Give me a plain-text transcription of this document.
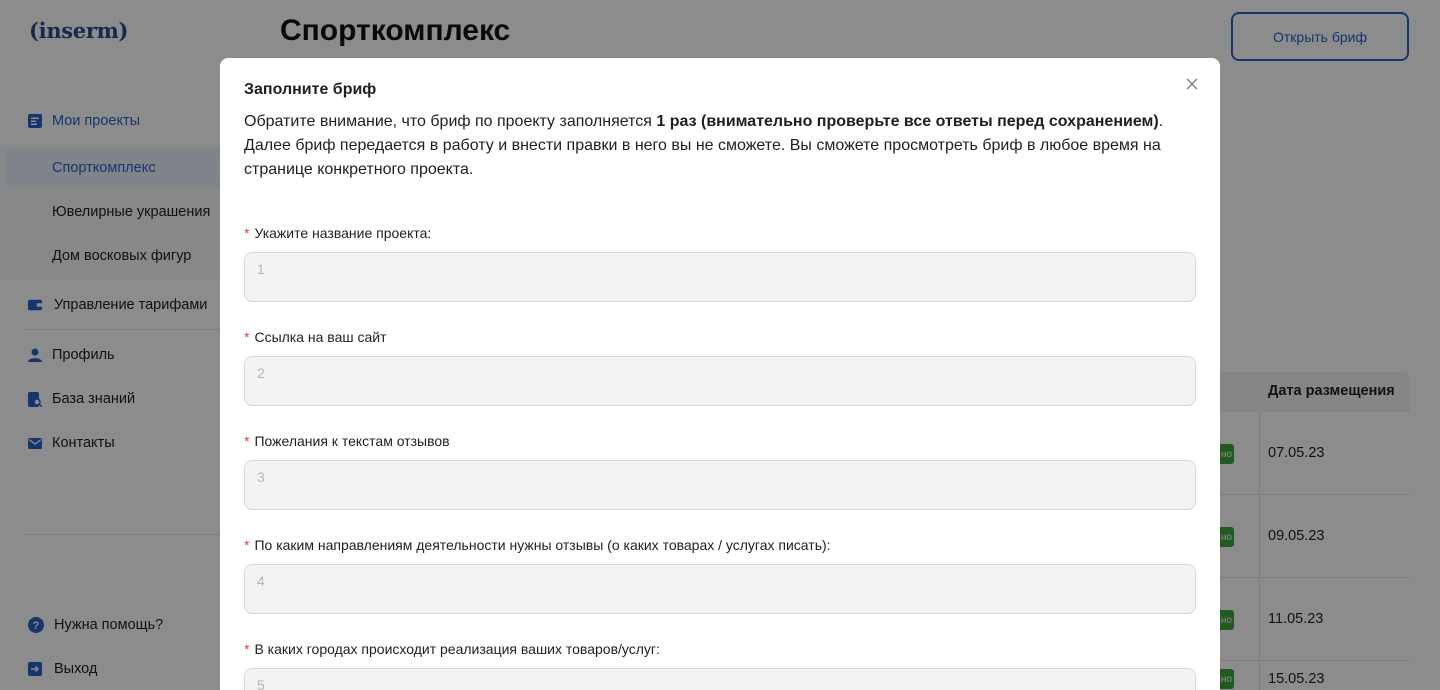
(inserm)
Мои проекты
Спорткомплекс
Ювелирные украшения
Дом восковых фигур
Управление тарифами
Профиль
База знаний
Контакты
? Нужна помощь?
Выход
Спорткомплекс	Открыть бриф
Дата размещения
но 07.05.23
но 09.05.23
но 11.05.23
но 15.05.23
Заполните бриф
Обратите внимание, что бриф по проекту заполняется 1 раз (внимательно проверьте все ответы перед сохранением). Далее бриф передается в работу и внести правки в него вы не сможете. Вы сможете просмотреть бриф в любое время на странице конкретного проекта.
* Укажите название проекта:
1
* Ссылка на ваш сайт
2
* Пожелания к текстам отзывов
3
* По каким направлениям деятельности нужны отзывы (о каких товарах / услугах писать):
4
* В каких городах происходит реализация ваших товаров/услуг:
5
